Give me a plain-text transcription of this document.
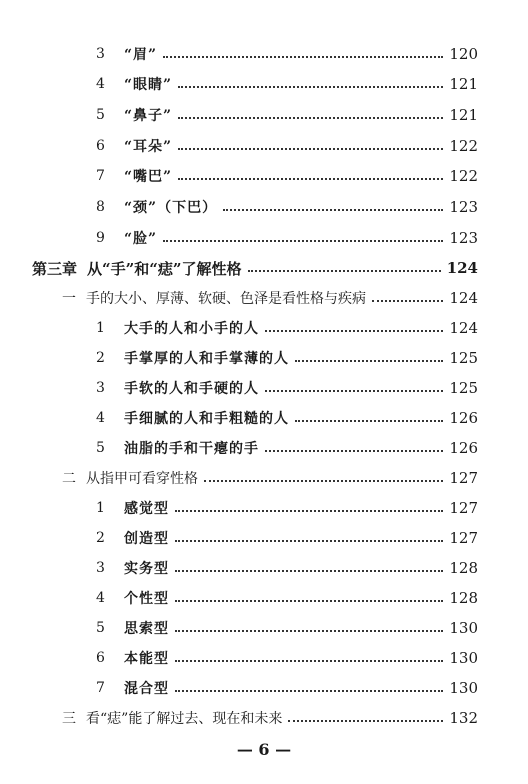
3	“眉”	120
4	“眼睛”	121
5	“鼻子”	121
6	“耳朵”	122
7	“嘴巴”	122
8	“颈”（下巴）	123
9	“脸”	123
第三章 从“手”和“痣”了解性格	124
一 手的大小、厚薄、软硬、色泽是看性格与疾病	124
1	大手的人和小手的人	124
2	手掌厚的人和手掌薄的人	125
3	手软的人和手硬的人	125
4	手细腻的人和手粗糙的人	126
5	油脂的手和干瘪的手	126
二 从指甲可看穿性格	127
1	感觉型	127
2	创造型	127
3	实务型	128
4	个性型	128
5	思索型	130
6	本能型	130
7	混合型	130
三 看“痣”能了解过去、现在和未来	132
— 6 —
